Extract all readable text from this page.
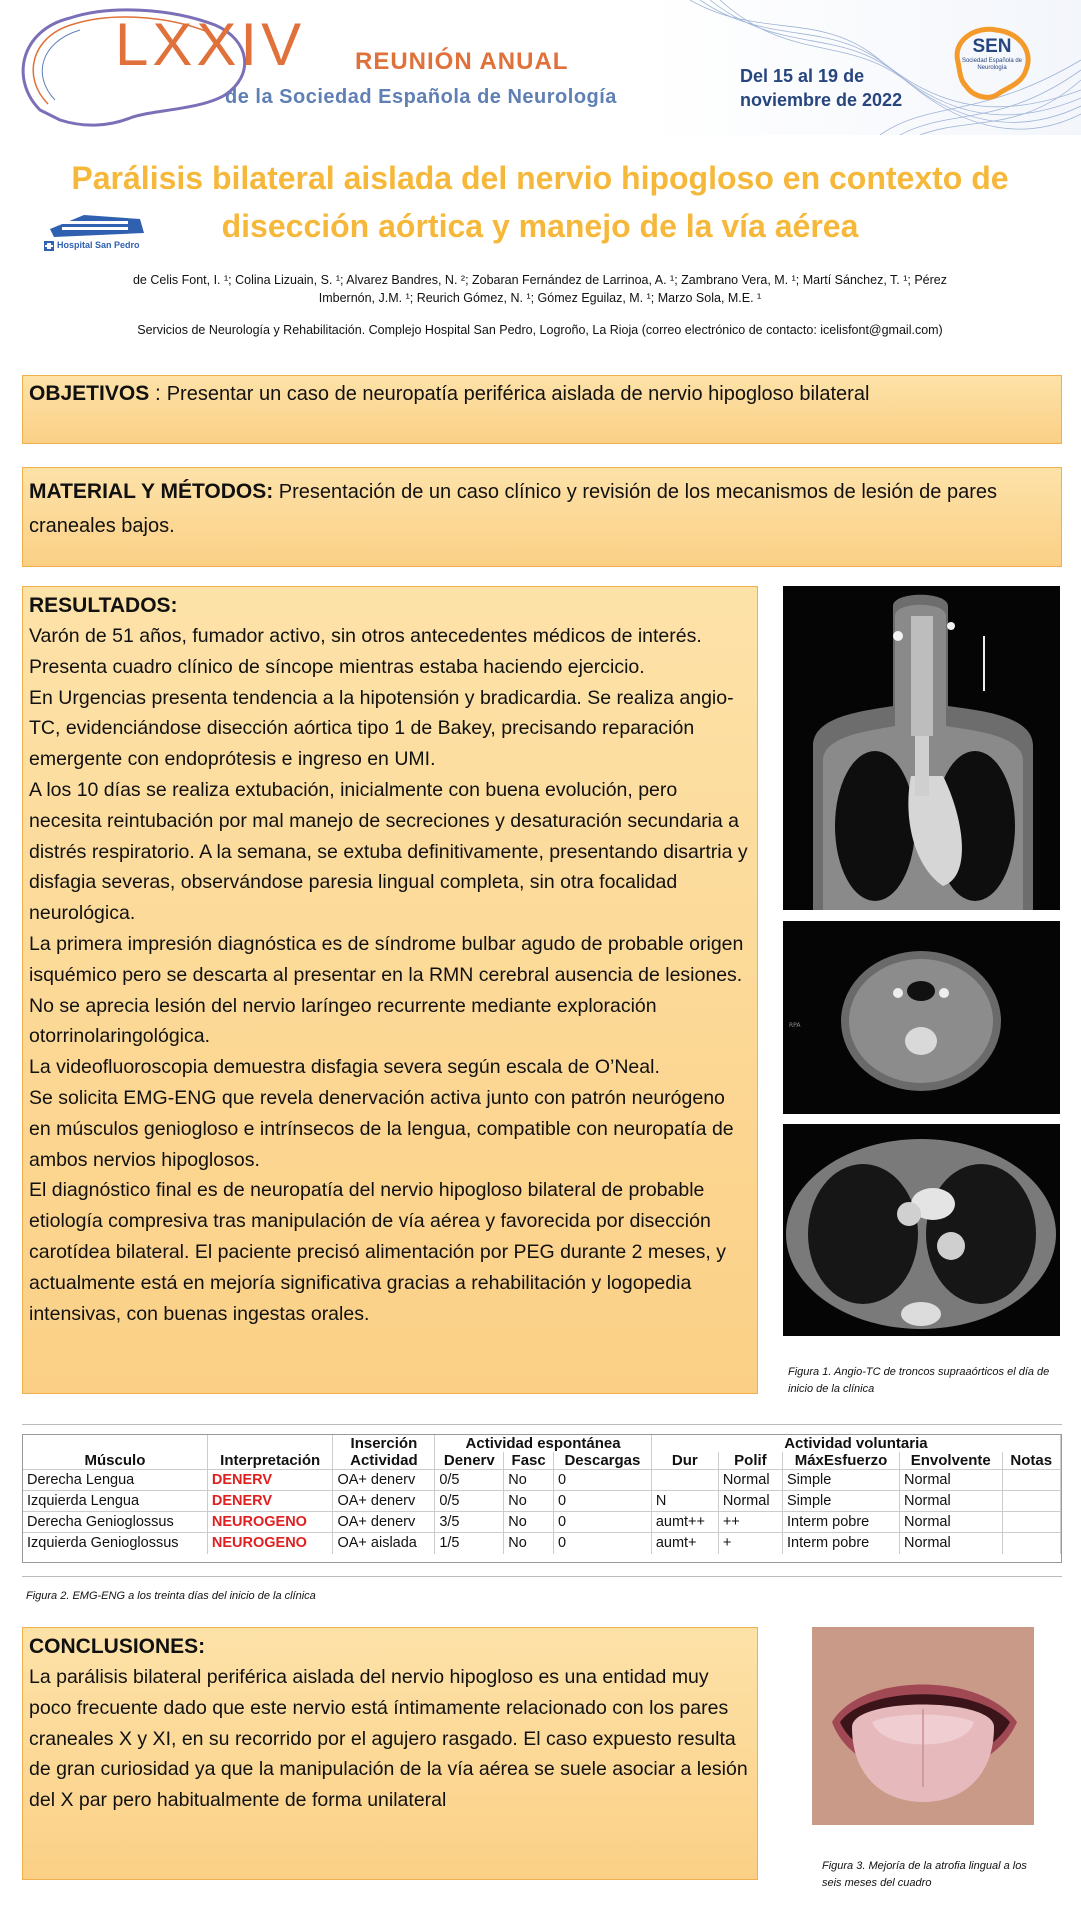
LXXIV REUNIÓN ANUAL
de la Sociedad Española de Neurología
Del 15 al 19 de
noviembre de 2022
SEN
Sociedad Española de Neurología
Parálisis bilateral aislada del nervio hipogloso en contexto de disección aórtica y manejo de la vía aérea
Hospital San Pedro
de Celis Font, I. ¹; Colina Lizuain, S. ¹; Alvarez Bandres, N. ²; Zobaran Fernández de Larrinoa, A. ¹; Zambrano Vera, M. ¹; Martí Sánchez, T. ¹; Pérez
Imbernón, J.M. ¹; Reurich Gómez, N. ¹; Gómez Eguilaz, M. ¹; Marzo Sola, M.E. ¹
Servicios de Neurología y Rehabilitación. Complejo Hospital San Pedro, Logroño, La Rioja (correo electrónico de contacto: icelisfont@gmail.com)
OBJETIVOS : Presentar un caso de neuropatía periférica aislada de nervio hipogloso bilateral
MATERIAL Y MÉTODOS: Presentación de un caso clínico y revisión de los mecanismos de lesión de pares craneales bajos.
RESULTADOS:
Varón de 51 años, fumador activo, sin otros antecedentes médicos de interés.
Presenta cuadro clínico de síncope mientras estaba haciendo ejercicio.
En Urgencias presenta tendencia a la hipotensión y bradicardia. Se realiza angio-TC, evidenciándose disección aórtica tipo 1 de Bakey, precisando reparación emergente con endoprótesis e ingreso en UMI.
A los 10 días se realiza extubación, inicialmente con buena evolución, pero necesita reintubación por mal manejo de secreciones y desaturación secundaria a distrés respiratorio. A la semana, se extuba definitivamente, presentando disartria y disfagia severas, observándose paresia lingual completa, sin otra focalidad neurológica.
La primera impresión diagnóstica es de síndrome bulbar agudo de probable origen isquémico pero se descarta al presentar en la RMN cerebral ausencia de lesiones. No se aprecia lesión del nervio laríngeo recurrente mediante exploración otorrinolaringológica.
La videofluoroscopia demuestra disfagia severa según escala de O’Neal.
Se solicita EMG-ENG que revela denervación activa junto con patrón neurógeno en músculos geniogloso e intrínsecos de la lengua, compatible con neuropatía de ambos nervios hipoglosos.
El diagnóstico final es de neuropatía del nervio hipogloso bilateral de probable etiología compresiva tras manipulación de vía aérea y favorecida por disección carotídea bilateral. El paciente precisó alimentación por PEG durante 2 meses, y actualmente está en mejoría significativa gracias a rehabilitación y logopedia intensivas, con buenas ingestas orales.
RPA
Figura 1. Angio-TC de troncos supraaórticos el día de inicio de la clínica
		Inserción	Actividad espontánea			Actividad voluntaria				
Músculo	Interpretación	Actividad	Denerv	Fasc	Descargas	Dur	Polif	MáxEsfuerzo	Envolvente	Notas
Derecha Lengua	DENERV	OA+ denerv	0/5	No	0		Normal	Simple	Normal	
Izquierda Lengua	DENERV	OA+ denerv	0/5	No	0	N	Normal	Simple	Normal	
Derecha Genioglossus	NEUROGENO	OA+ denerv	3/5	No	0	aumt++	++	Interm pobre	Normal	
Izquierda Genioglossus	NEUROGENO	OA+ aislada	1/5	No	0	aumt+	+	Interm pobre	Normal	
Figura 2. EMG-ENG a los treinta días del inicio de la clínica
CONCLUSIONES:
La parálisis bilateral periférica aislada del nervio hipogloso es una entidad muy poco frecuente dado que este nervio está íntimamente relacionado con los pares craneales X y XI, en su recorrido por el agujero rasgado. El caso expuesto resulta de gran curiosidad ya que la manipulación de la vía aérea se suele asociar a lesión del X par pero habitualmente de forma unilateral
Figura 3. Mejoría de la atrofia lingual a los seis meses del cuadro
